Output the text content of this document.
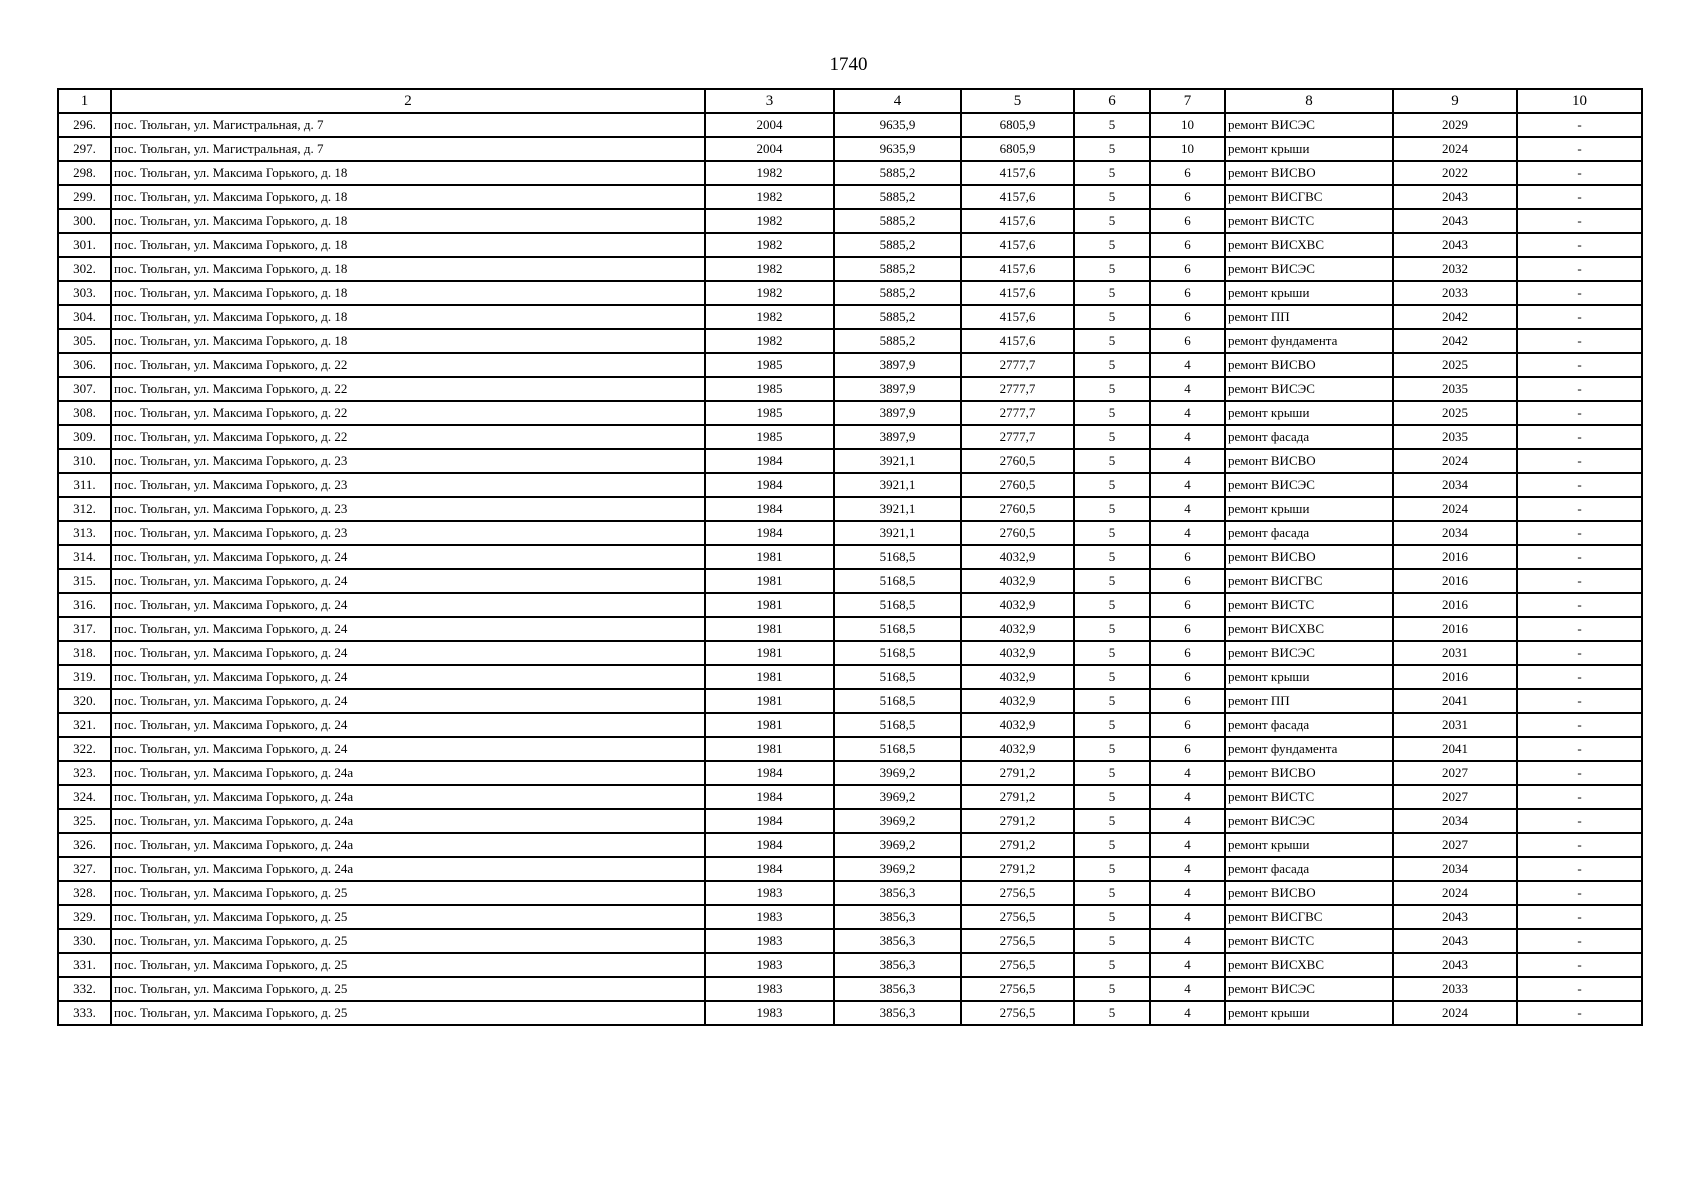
1740
1	2	3	4	5	6	7	8	9	10
296.	пос. Тюльган, ул. Магистральная, д. 7	2004	9635,9	6805,9	5	10	ремонт ВИСЭС	2029	-
297.	пос. Тюльган, ул. Магистральная, д. 7	2004	9635,9	6805,9	5	10	ремонт крыши	2024	-
298.	пос. Тюльган, ул. Максима Горького, д. 18	1982	5885,2	4157,6	5	6	ремонт ВИСВО	2022	-
299.	пос. Тюльган, ул. Максима Горького, д. 18	1982	5885,2	4157,6	5	6	ремонт ВИСГВС	2043	-
300.	пос. Тюльган, ул. Максима Горького, д. 18	1982	5885,2	4157,6	5	6	ремонт ВИСТС	2043	-
301.	пос. Тюльган, ул. Максима Горького, д. 18	1982	5885,2	4157,6	5	6	ремонт ВИСХВС	2043	-
302.	пос. Тюльган, ул. Максима Горького, д. 18	1982	5885,2	4157,6	5	6	ремонт ВИСЭС	2032	-
303.	пос. Тюльган, ул. Максима Горького, д. 18	1982	5885,2	4157,6	5	6	ремонт крыши	2033	-
304.	пос. Тюльган, ул. Максима Горького, д. 18	1982	5885,2	4157,6	5	6	ремонт ПП	2042	-
305.	пос. Тюльган, ул. Максима Горького, д. 18	1982	5885,2	4157,6	5	6	ремонт фундамента	2042	-
306.	пос. Тюльган, ул. Максима Горького, д. 22	1985	3897,9	2777,7	5	4	ремонт ВИСВО	2025	-
307.	пос. Тюльган, ул. Максима Горького, д. 22	1985	3897,9	2777,7	5	4	ремонт ВИСЭС	2035	-
308.	пос. Тюльган, ул. Максима Горького, д. 22	1985	3897,9	2777,7	5	4	ремонт крыши	2025	-
309.	пос. Тюльган, ул. Максима Горького, д. 22	1985	3897,9	2777,7	5	4	ремонт фасада	2035	-
310.	пос. Тюльган, ул. Максима Горького, д. 23	1984	3921,1	2760,5	5	4	ремонт ВИСВО	2024	-
311.	пос. Тюльган, ул. Максима Горького, д. 23	1984	3921,1	2760,5	5	4	ремонт ВИСЭС	2034	-
312.	пос. Тюльган, ул. Максима Горького, д. 23	1984	3921,1	2760,5	5	4	ремонт крыши	2024	-
313.	пос. Тюльган, ул. Максима Горького, д. 23	1984	3921,1	2760,5	5	4	ремонт фасада	2034	-
314.	пос. Тюльган, ул. Максима Горького, д. 24	1981	5168,5	4032,9	5	6	ремонт ВИСВО	2016	-
315.	пос. Тюльган, ул. Максима Горького, д. 24	1981	5168,5	4032,9	5	6	ремонт ВИСГВС	2016	-
316.	пос. Тюльган, ул. Максима Горького, д. 24	1981	5168,5	4032,9	5	6	ремонт ВИСТС	2016	-
317.	пос. Тюльган, ул. Максима Горького, д. 24	1981	5168,5	4032,9	5	6	ремонт ВИСХВС	2016	-
318.	пос. Тюльган, ул. Максима Горького, д. 24	1981	5168,5	4032,9	5	6	ремонт ВИСЭС	2031	-
319.	пос. Тюльган, ул. Максима Горького, д. 24	1981	5168,5	4032,9	5	6	ремонт крыши	2016	-
320.	пос. Тюльган, ул. Максима Горького, д. 24	1981	5168,5	4032,9	5	6	ремонт ПП	2041	-
321.	пос. Тюльган, ул. Максима Горького, д. 24	1981	5168,5	4032,9	5	6	ремонт фасада	2031	-
322.	пос. Тюльган, ул. Максима Горького, д. 24	1981	5168,5	4032,9	5	6	ремонт фундамента	2041	-
323.	пос. Тюльган, ул. Максима Горького, д. 24а	1984	3969,2	2791,2	5	4	ремонт ВИСВО	2027	-
324.	пос. Тюльган, ул. Максима Горького, д. 24а	1984	3969,2	2791,2	5	4	ремонт ВИСТС	2027	-
325.	пос. Тюльган, ул. Максима Горького, д. 24а	1984	3969,2	2791,2	5	4	ремонт ВИСЭС	2034	-
326.	пос. Тюльган, ул. Максима Горького, д. 24а	1984	3969,2	2791,2	5	4	ремонт крыши	2027	-
327.	пос. Тюльган, ул. Максима Горького, д. 24а	1984	3969,2	2791,2	5	4	ремонт фасада	2034	-
328.	пос. Тюльган, ул. Максима Горького, д. 25	1983	3856,3	2756,5	5	4	ремонт ВИСВО	2024	-
329.	пос. Тюльган, ул. Максима Горького, д. 25	1983	3856,3	2756,5	5	4	ремонт ВИСГВС	2043	-
330.	пос. Тюльган, ул. Максима Горького, д. 25	1983	3856,3	2756,5	5	4	ремонт ВИСТС	2043	-
331.	пос. Тюльган, ул. Максима Горького, д. 25	1983	3856,3	2756,5	5	4	ремонт ВИСХВС	2043	-
332.	пос. Тюльган, ул. Максима Горького, д. 25	1983	3856,3	2756,5	5	4	ремонт ВИСЭС	2033	-
333.	пос. Тюльган, ул. Максима Горького, д. 25	1983	3856,3	2756,5	5	4	ремонт крыши	2024	-
